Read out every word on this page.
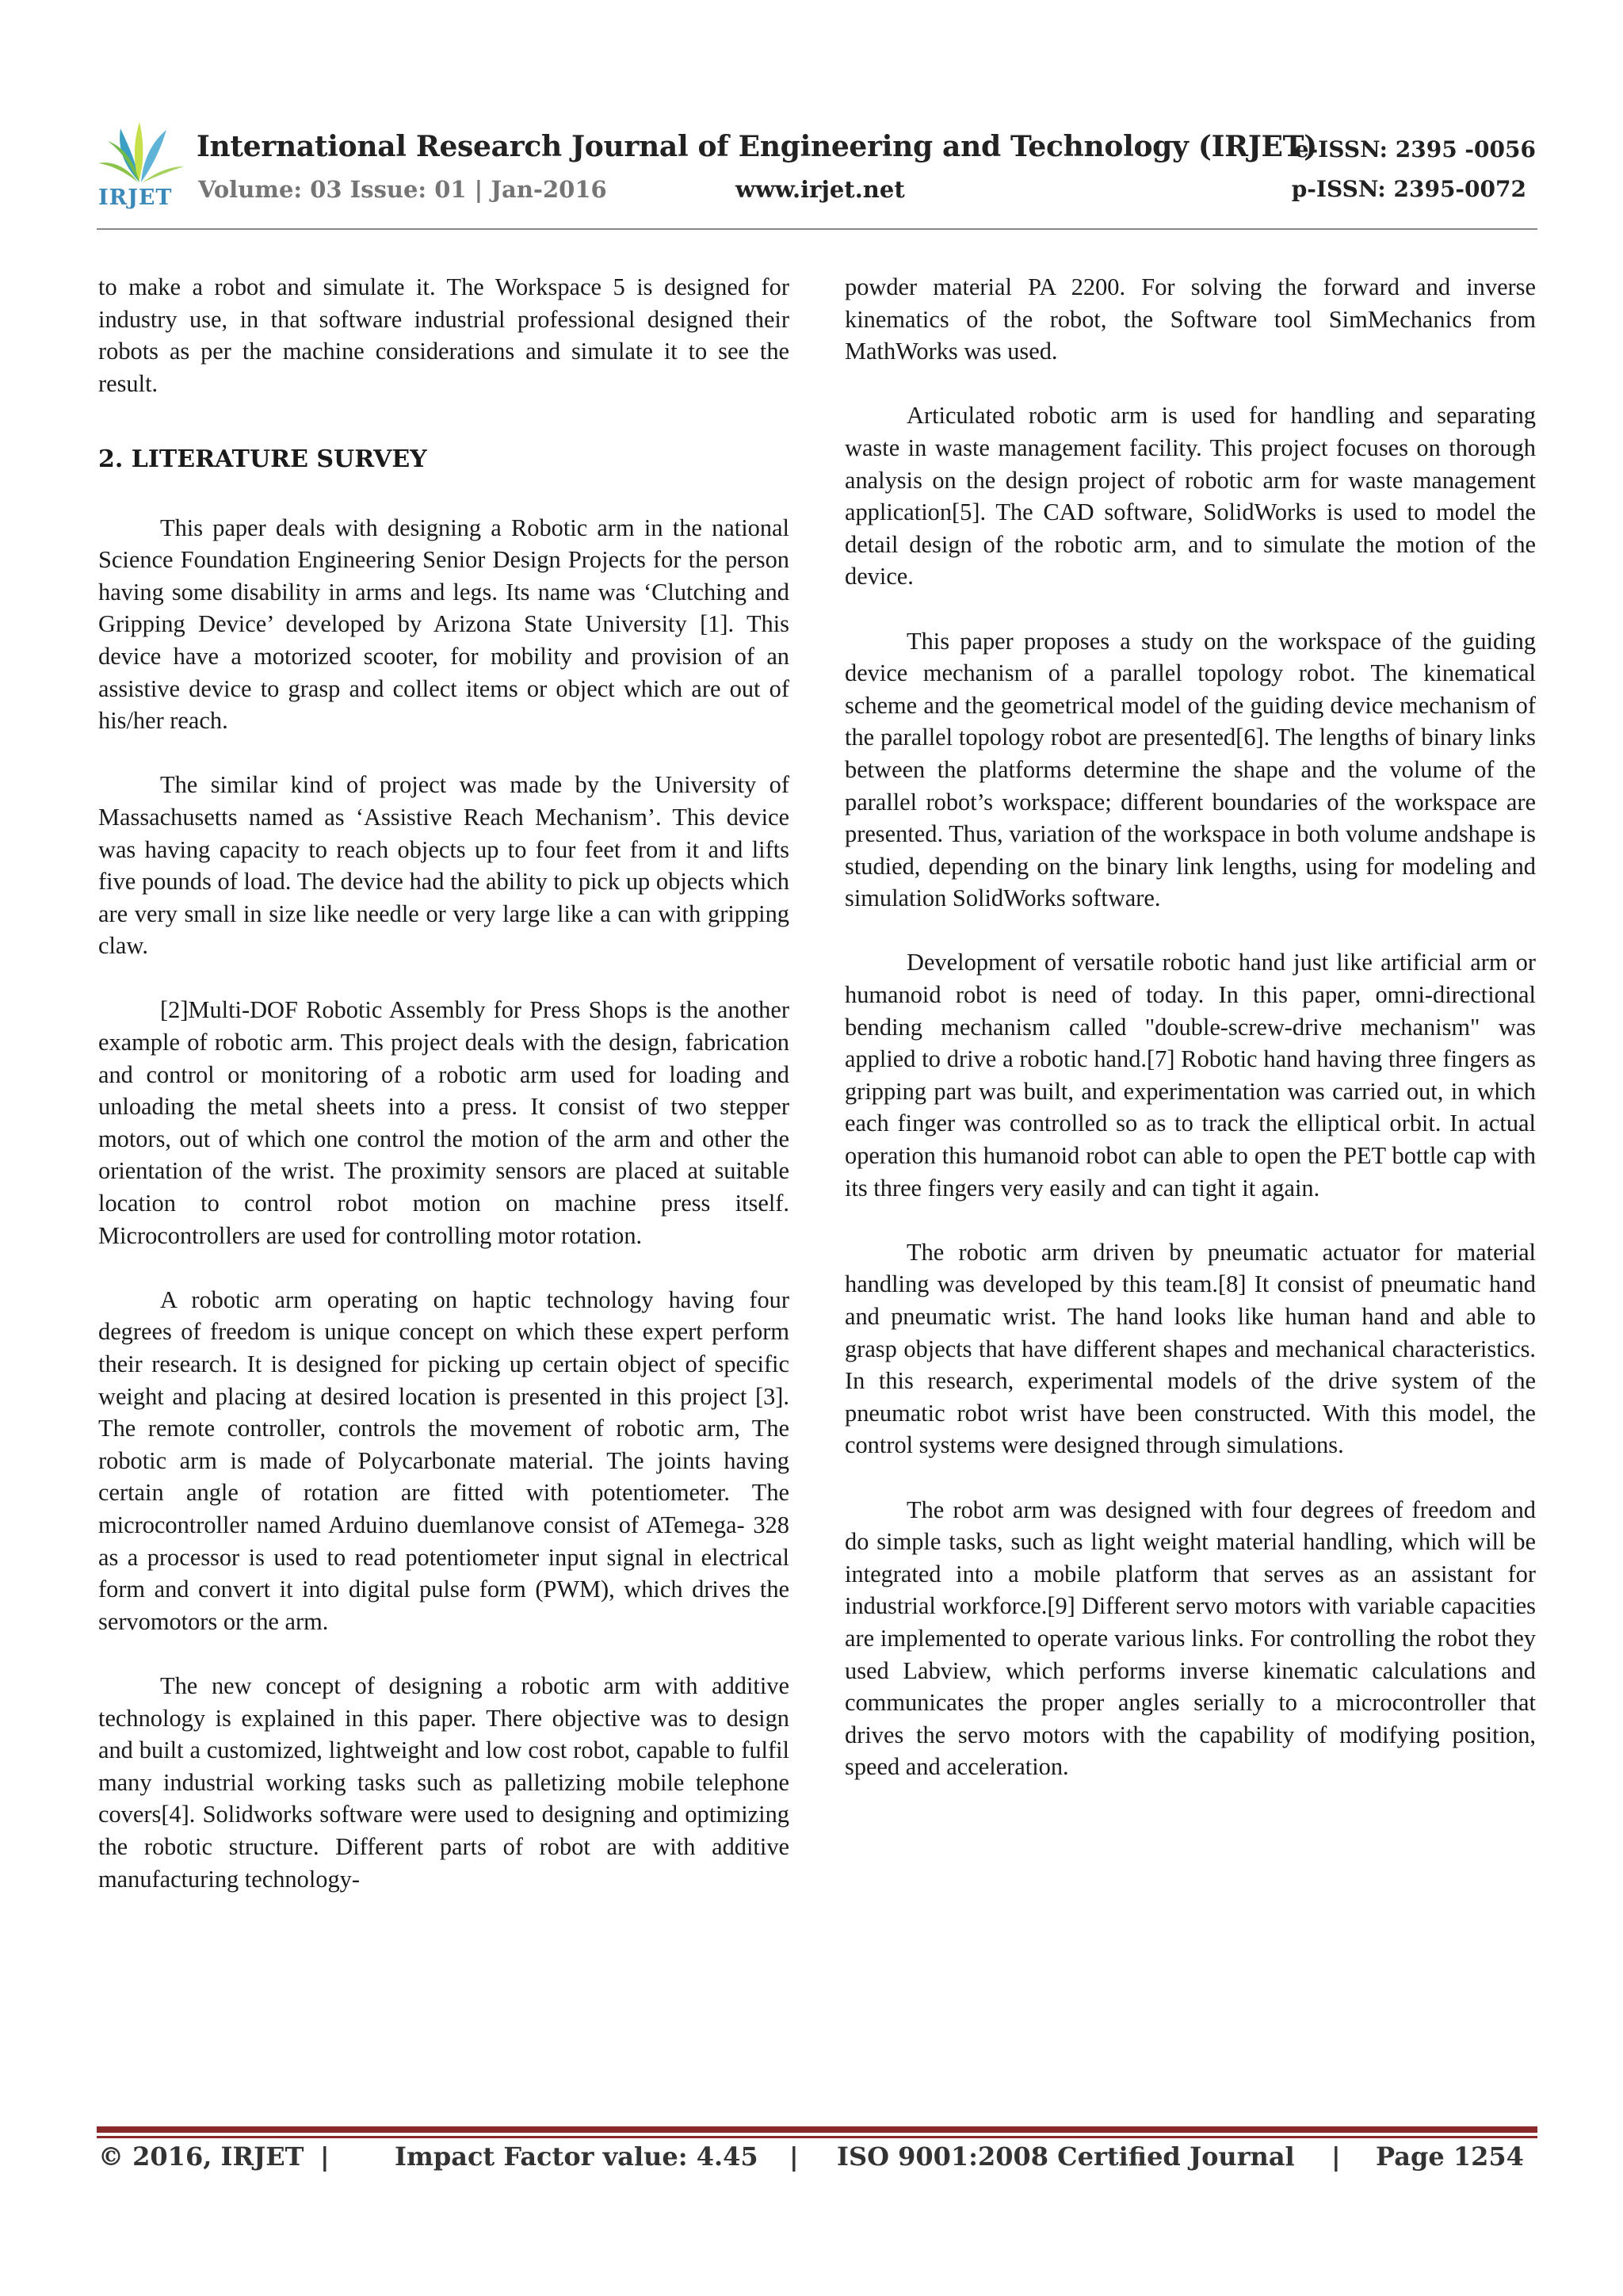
IRJET
International Research Journal of Engineering and Technology (IRJET)
e-ISSN: 2395 -0056
Volume: 03 Issue: 01 | Jan-2016	www.irjet.net	p-ISSN: 2395-0072

to make a robot and simulate it. The Workspace 5 is designed for industry use, in that software industrial professional designed their robots as per the machine considerations and simulate it to see the result.

2. LITERATURE SURVEY

This paper deals with designing a Robotic arm in the national Science Foundation Engineering Senior Design Projects for the person having some disability in arms and legs. Its name was ‘Clutching and Gripping Device’ developed by Arizona State University [1]. This device have a motorized scooter, for mobility and provision of an assistive device to grasp and collect items or object which are out of his/her reach.

The similar kind of project was made by the University of Massachusetts named as ‘Assistive Reach Mechanism’. This device was having capacity to reach objects up to four feet from it and lifts five pounds of load. The device had the ability to pick up objects which are very small in size like needle or very large like a can with gripping claw.

[2]Multi-DOF Robotic Assembly for Press Shops is the another example of robotic arm. This project deals with the design, fabrication and control or monitoring of a robotic arm used for loading and unloading the metal sheets into a press. It consist of two stepper motors, out of which one control the motion of the arm and other the orientation of the wrist. The proximity sensors are placed at suitable location to control robot motion on machine press itself. Microcontrollers are used for controlling motor rotation.

A robotic arm operating on haptic technology having four degrees of freedom is unique concept on which these expert perform their research. It is designed for picking up certain object of specific weight and placing at desired location is presented in this project [3]. The remote controller, controls the movement of robotic arm, The robotic arm is made of Polycarbonate material. The joints having certain angle of rotation are fitted with potentiometer. The microcontroller named Arduino duemlanove consist of ATemega- 328 as a processor is used to read potentiometer input signal in electrical form and convert it into digital pulse form (PWM), which drives the servomotors or the arm.

The new concept of designing a robotic arm with additive technology is explained in this paper. There objective was to design and built a customized, lightweight and low cost robot, capable to fulfil many industrial working tasks such as palletizing mobile telephone covers[4]. Solidworks software were used to designing and optimizing the robotic structure. Different parts of robot are with additive manufacturing technology-

powder material PA 2200. For solving the forward and inverse kinematics of the robot, the Software tool SimMechanics from MathWorks was used.

Articulated robotic arm is used for handling and separating waste in waste management facility. This project focuses on thorough analysis on the design project of robotic arm for waste management application[5]. The CAD software, SolidWorks is used to model the detail design of the robotic arm, and to simulate the motion of the device.

This paper proposes a study on the workspace of the guiding device mechanism of a parallel topology robot. The kinematical scheme and the geometrical model of the guiding device mechanism of the parallel topology robot are presented[6]. The lengths of binary links between the platforms determine the shape and the volume of the parallel robot’s workspace; different boundaries of the workspace are presented. Thus, variation of the workspace in both volume andshape is studied, depending on the binary link lengths, using for modeling and simulation SolidWorks software.

Development of versatile robotic hand just like artificial arm or humanoid robot is need of today. In this paper, omni-directional bending mechanism called "double-screw-drive mechanism" was applied to drive a robotic hand.[7] Robotic hand having three fingers as gripping part was built, and experimentation was carried out, in which each finger was controlled so as to track the elliptical orbit. In actual operation this humanoid robot can able to open the PET bottle cap with its three fingers very easily and can tight it again.

The robotic arm driven by pneumatic actuator for material handling was developed by this team.[8] It consist of pneumatic hand and pneumatic wrist. The hand looks like human hand and able to grasp objects that have different shapes and mechanical characteristics. In this research, experimental models of the drive system of the pneumatic robot wrist have been constructed. With this model, the control systems were designed through simulations.

The robot arm was designed with four degrees of freedom and do simple tasks, such as light weight material handling, which will be integrated into a mobile platform that serves as an assistant for industrial workforce.[9] Different servo motors with variable capacities are implemented to operate various links. For controlling the robot they used Labview, which performs inverse kinematic calculations and communicates the proper angles serially to a microcontroller that drives the servo motors with the capability of modifying position, speed and acceleration.

© 2016, IRJET |	Impact Factor value: 4.45 | ISO 9001:2008 Certified Journal | Page 1254
